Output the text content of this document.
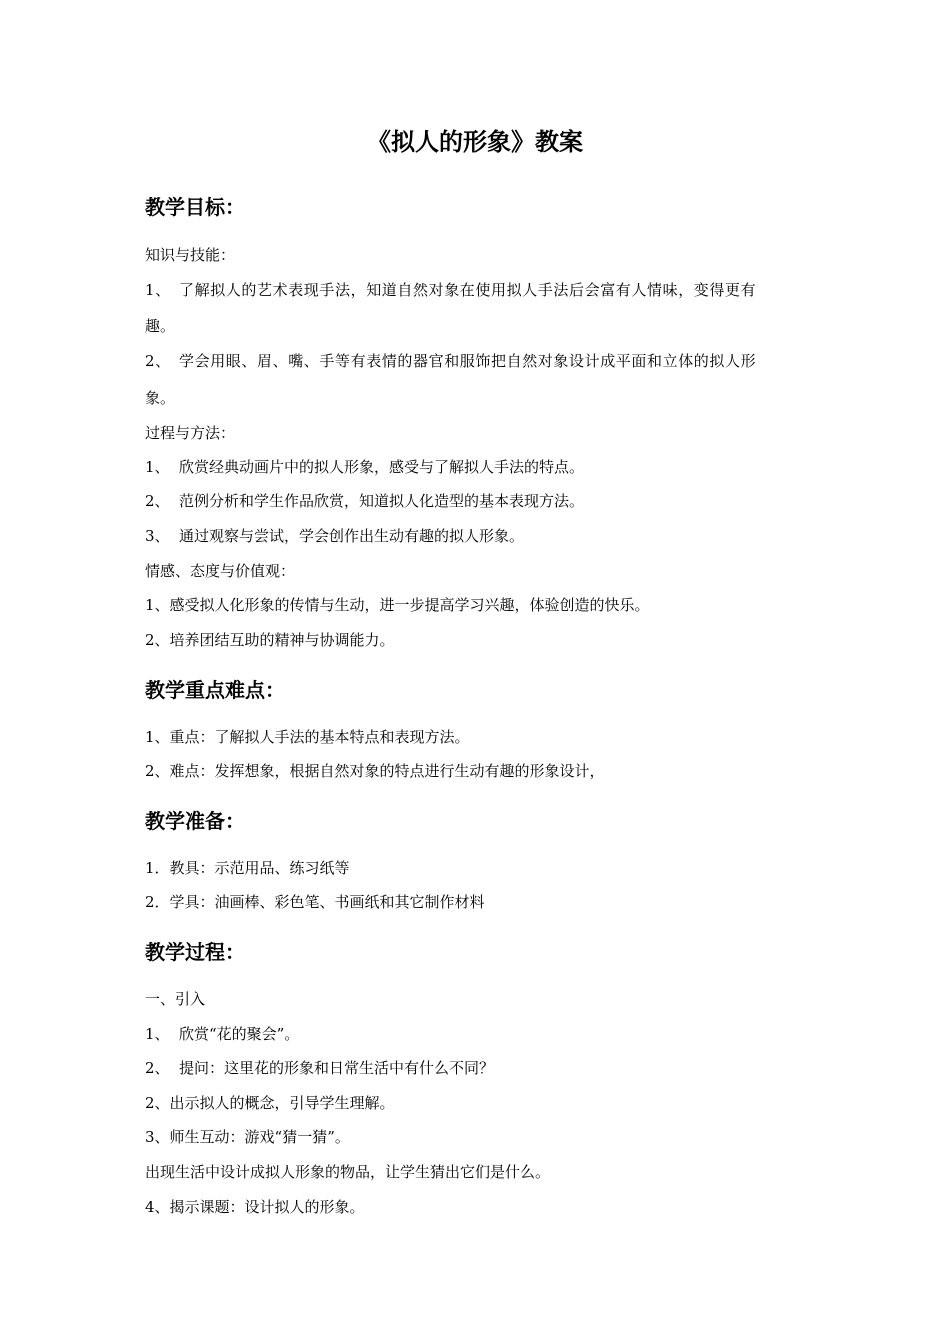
《拟人的形象》教案
教学目标：

知识与技能：

1、 了解拟人的艺术表现手法，知道自然对象在使用拟人手法后会富有人情味，变得更有

趣。

2、 学会用眼、眉、嘴、手等有表情的器官和服饰把自然对象设计成平面和立体的拟人形

象。

过程与方法：

1、 欣赏经典动画片中的拟人形象，感受与了解拟人手法的特点。

2、 范例分析和学生作品欣赏，知道拟人化造型的基本表现方法。

3、 通过观察与尝试，学会创作出生动有趣的拟人形象。

情感、态度与价值观：

1、感受拟人化形象的传情与生动，进一步提高学习兴趣，体验创造的快乐。

2、培养团结互助的精神与协调能力。

教学重点难点：

1、重点：了解拟人手法的基本特点和表现方法。

2、难点：发挥想象，根据自然对象的特点进行生动有趣的形象设计，

教学准备：

1．教具：示范用品、练习纸等

2．学具：油画棒、彩色笔、书画纸和其它制作材料

教学过程：

一、引入

1、 欣赏“花的聚会”。

2、 提问：这里花的形象和日常生活中有什么不同？

2、出示拟人的概念，引导学生理解。

3、师生互动：游戏“猜一猜”。

出现生活中设计成拟人形象的物品，让学生猜出它们是什么。

4、揭示课题：设计拟人的形象。
